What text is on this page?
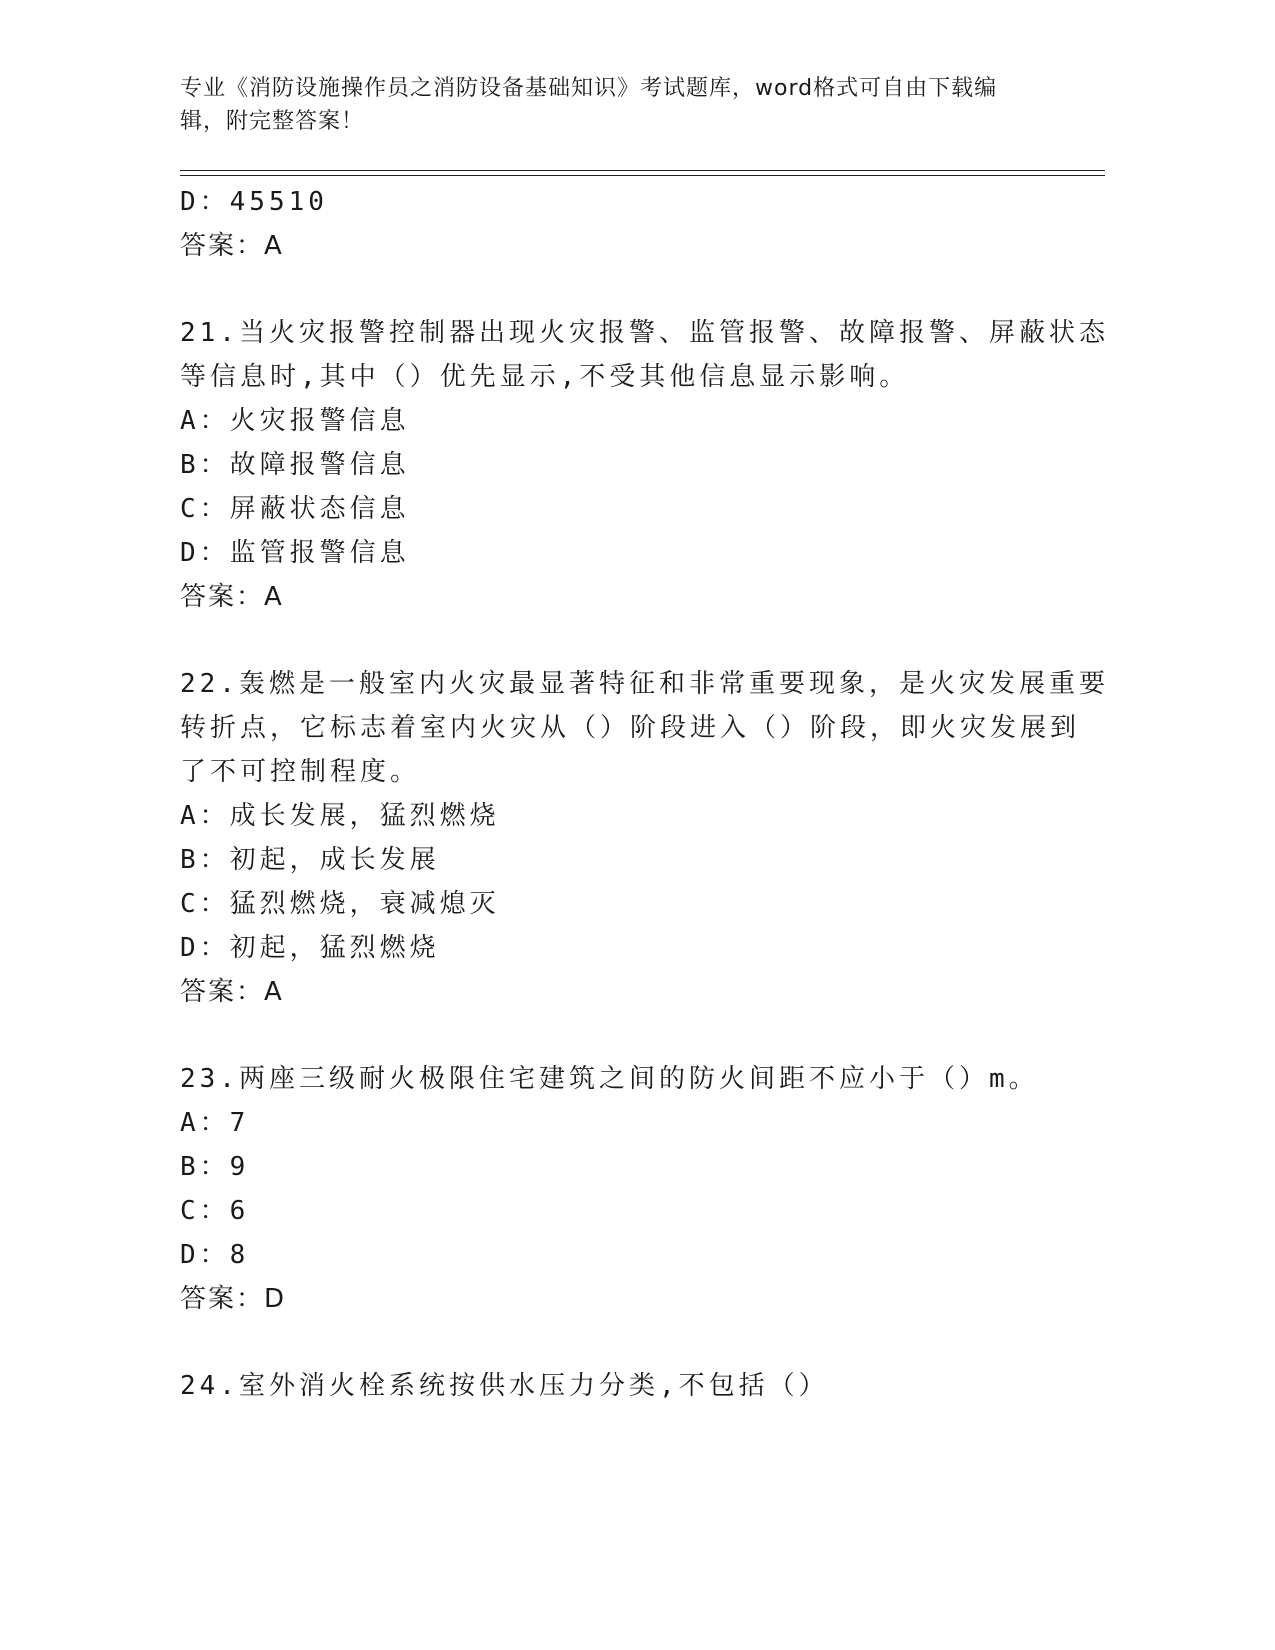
专业《消防设施操作员之消防设备基础知识》考试题库，word格式可自由下载编
辑，附完整答案！
D：45510
答案：A
21.当火灾报警控制器出现火灾报警、监管报警、故障报警、屏蔽状态
等信息时,其中（）优先显示,不受其他信息显示影响。
A：火灾报警信息
B：故障报警信息
C：屏蔽状态信息
D：监管报警信息
答案：A
22.轰燃是一般室内火灾最显著特征和非常重要现象，是火灾发展重要
转折点，它标志着室内火灾从（）阶段进入（）阶段，即火灾发展到
了不可控制程度。
A：成长发展，猛烈燃烧
B：初起，成长发展
C：猛烈燃烧，衰减熄灭
D：初起，猛烈燃烧
答案：A
23.两座三级耐火极限住宅建筑之间的防火间距不应小于（）m。
A：7
B：9
C：6
D：8
答案：D
24.室外消火栓系统按供水压力分类,不包括（）
